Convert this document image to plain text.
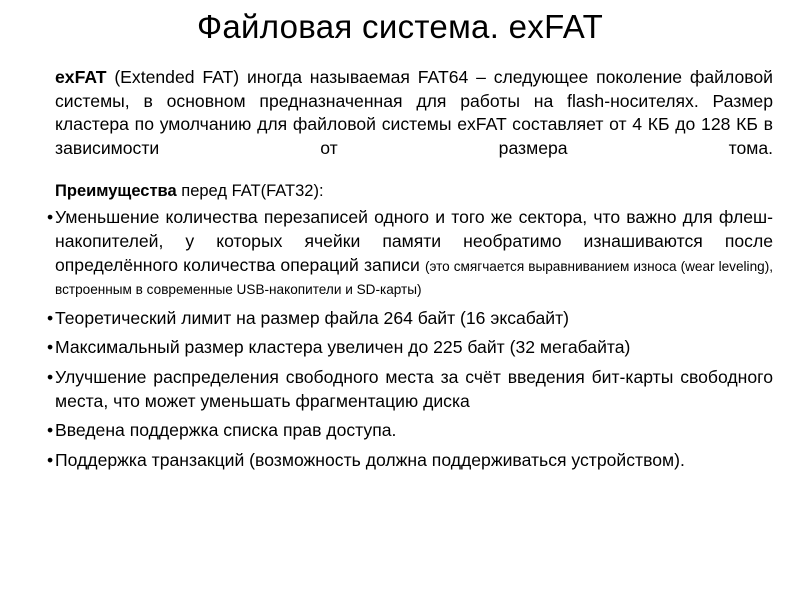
Файловая система. exFAT

exFAT (Extended FAT) иногда называемая FAT64 – следующее поколение файловой системы, в основном предназначенная для работы на flash-носителях. Размер кластера по умолчанию для файловой системы exFAT составляет от 4 КБ до 128 КБ в зависимости от размера тома.

Преимущества перед FAT(FAT32):
• Уменьшение количества перезаписей одного и того же сектора, что важно для флеш-накопителей, у которых ячейки памяти необратимо изнашиваются после определённого количества операций записи (это смягчается выравниванием износа (wear leveling), встроенным в современные USB-накопители и SD-карты)
• Теоретический лимит на размер файла 264 байт (16 эксабайт)
• Максимальный размер кластера увеличен до 225 байт (32 мегабайта)
• Улучшение распределения свободного места за счёт введения бит-карты свободного места, что может уменьшать фрагментацию диска
• Введена поддержка списка прав доступа.
• Поддержка транзакций (возможность должна поддерживаться устройством).
